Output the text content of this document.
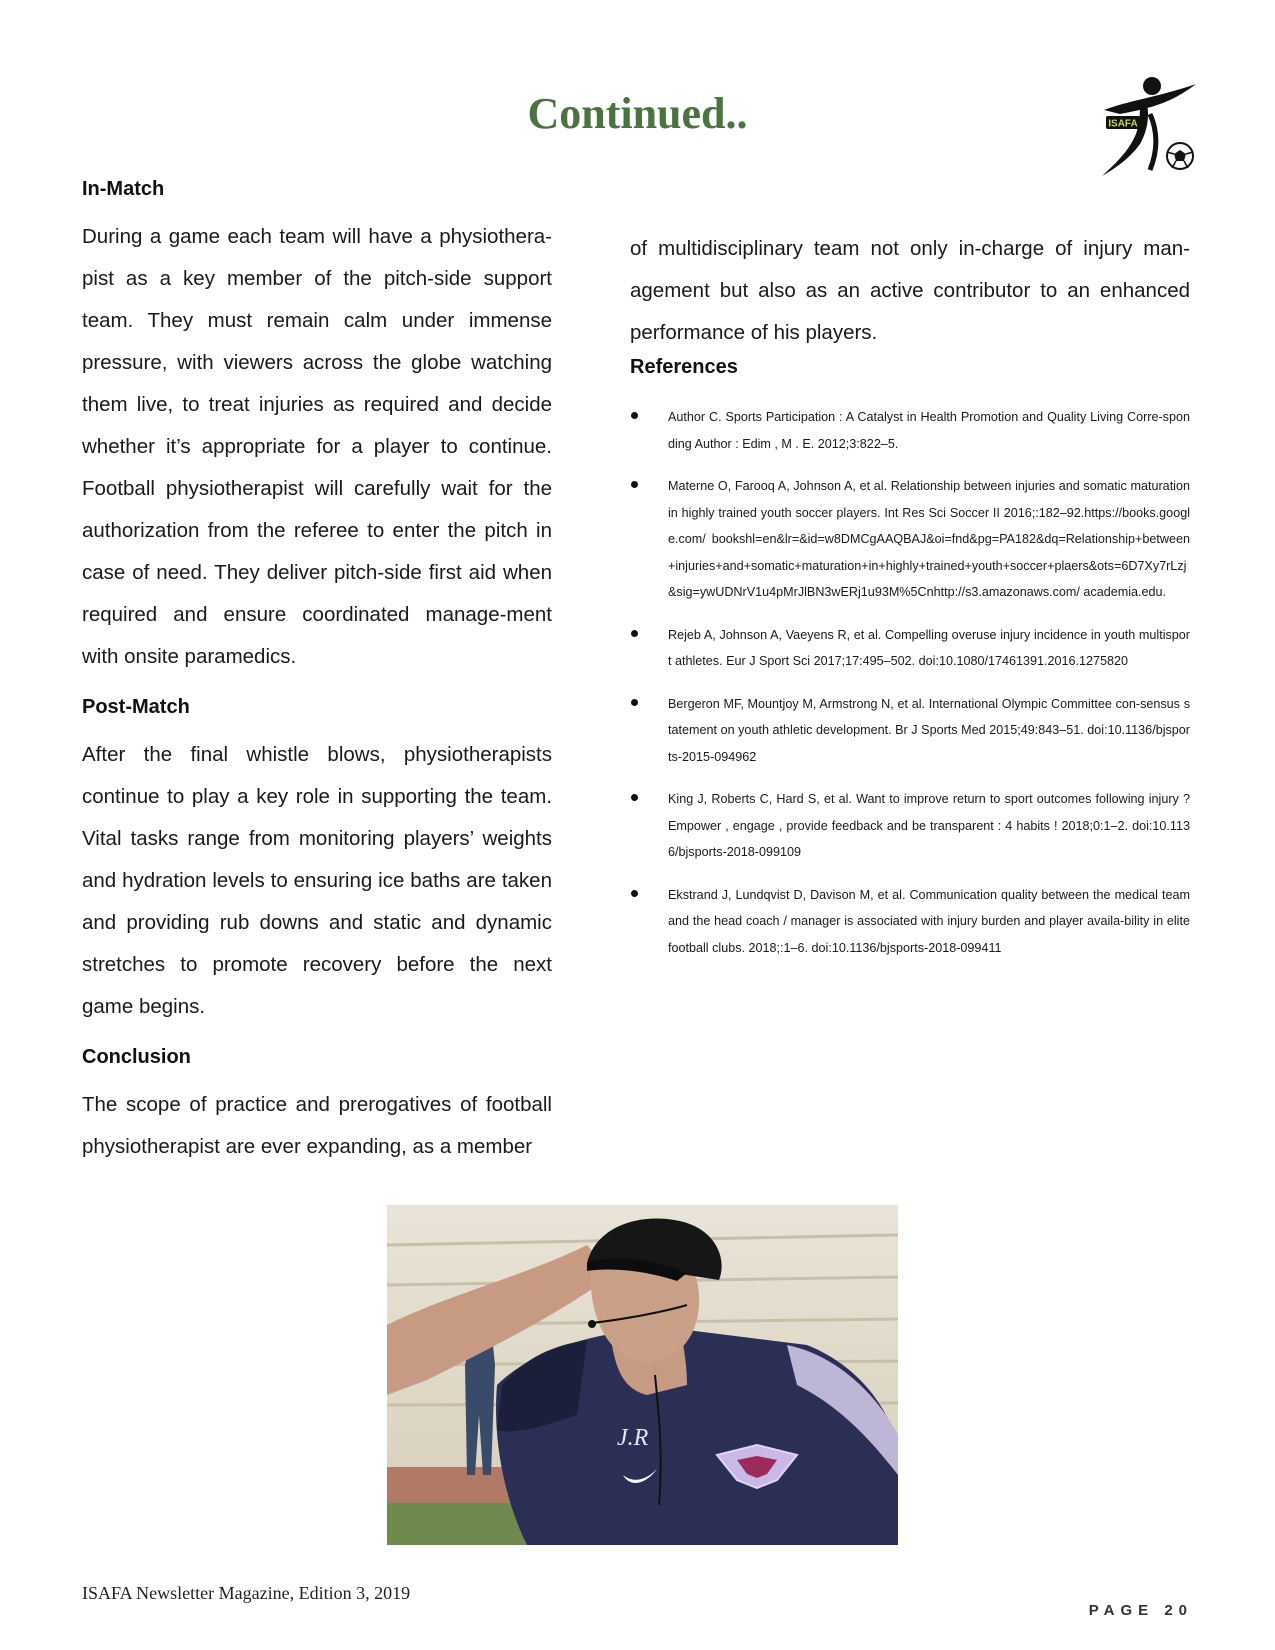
Continued..	ISAFA
In-Match

During a game each team will have a physiothera-pist as a key member of the pitch-side support team. They must remain calm under immense pressure, with viewers across the globe watching them live, to treat injuries as required and decide whether it’s appropriate for a player to continue. Football physiotherapist will carefully wait for the authorization from the referee to enter the pitch in case of need. They deliver pitch-side first aid when required and ensure coordinated manage-ment with onsite paramedics.

Post-Match

After the final whistle blows, physiotherapists continue to play a key role in supporting the team. Vital tasks range from monitoring players’ weights and hydration levels to ensuring ice baths are taken and providing rub downs and static and dynamic stretches to promote recovery before the next game begins.

Conclusion

The scope of practice and prerogatives of football physiotherapist are ever expanding, as a member

of multidisciplinary team not only in-charge of injury man-agement but also as an active contributor to an enhanced performance of his players.

References
Author C. Sports Participation : A Catalyst in Health Promotion and Quality Living Corre-sponding Author : Edim , M . E. 2012;3:822–5.
Materne O, Farooq A, Johnson A, et al. Relationship between injuries and somatic maturation in highly trained youth soccer players. Int Res Sci Soccer II 2016;:182–92.https://books.google.com/ bookshl=en&lr=&id=w8DMCgAAQBAJ&oi=fnd&pg=PA182&dq=Relationship+between+injuries+and+somatic+maturation+in+highly+trained+youth+soccer+plaers&ots=6D7Xy7rLzj&sig=ywUDNrV1u4pMrJlBN3wERj1u93M%5Cnhttp://s3.amazonaws.com/ academia.edu.
Rejeb A, Johnson A, Vaeyens R, et al. Compelling overuse injury incidence in youth multisport athletes. Eur J Sport Sci 2017;17:495–502. doi:10.1080/17461391.2016.1275820
Bergeron MF, Mountjoy M, Armstrong N, et al. International Olympic Committee con-sensus statement on youth athletic development. Br J Sports Med 2015;49:843–51. doi:10.1136/bjsports-2015-094962
King J, Roberts C, Hard S, et al. Want to improve return to sport outcomes following injury ? Empower , engage , provide feedback and be transparent : 4 habits ! 2018;0:1–2. doi:10.1136/bjsports-2018-099109
Ekstrand J, Lundqvist D, Davison M, et al. Communication quality between the medical team and the head coach / manager is associated with injury burden and player availa-bility in elite football clubs. 2018;:1–6. doi:10.1136/bjsports-2018-099411
J.R
ISAFA Newsletter Magazine, Edition 3, 2019
PAGE 20
